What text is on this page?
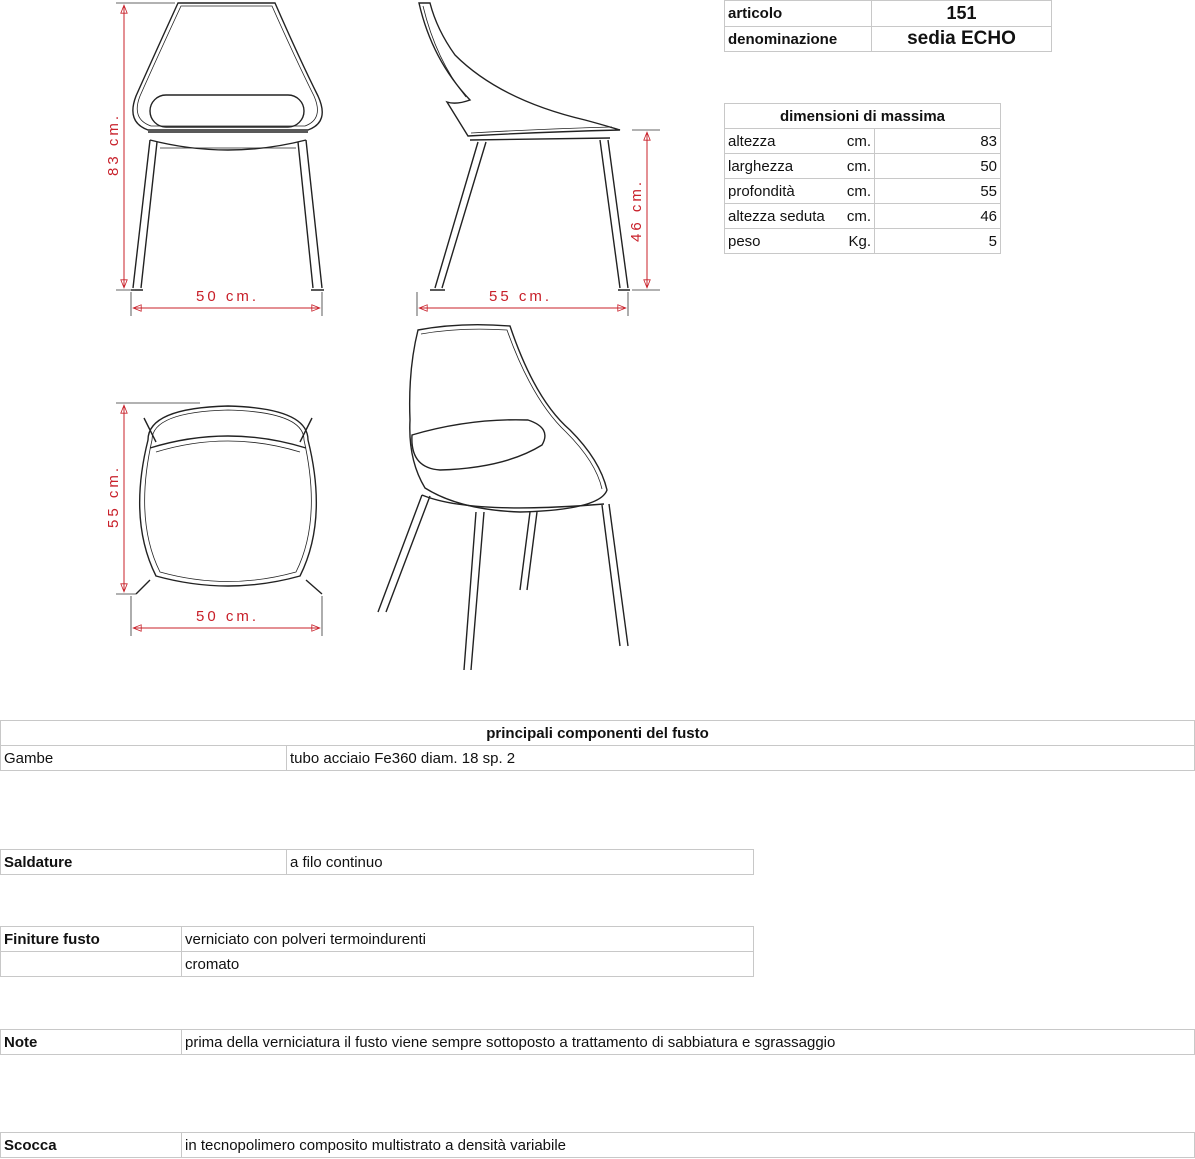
articolo	151
denominazione	sedia ECHO
dimensioni di massima		
altezza	cm.	83
larghezza	cm.	50
profondità	cm.	55
altezza seduta	cm.	46
peso	Kg.	5
83 cm.
50 cm.
46 cm.
55 cm.
55 cm.
50 cm.
principali componenti del fusto
Gambe	tubo acciaio Fe360 diam. 18 sp. 2
Saldature	a filo continuo
Finiture fusto	verniciato con polveri termoindurenti
	cromato
Note	prima della verniciatura il fusto viene sempre sottoposto a trattamento di sabbiatura e sgrassaggio
Scocca	in tecnopolimero composito multistrato a densità variabile
